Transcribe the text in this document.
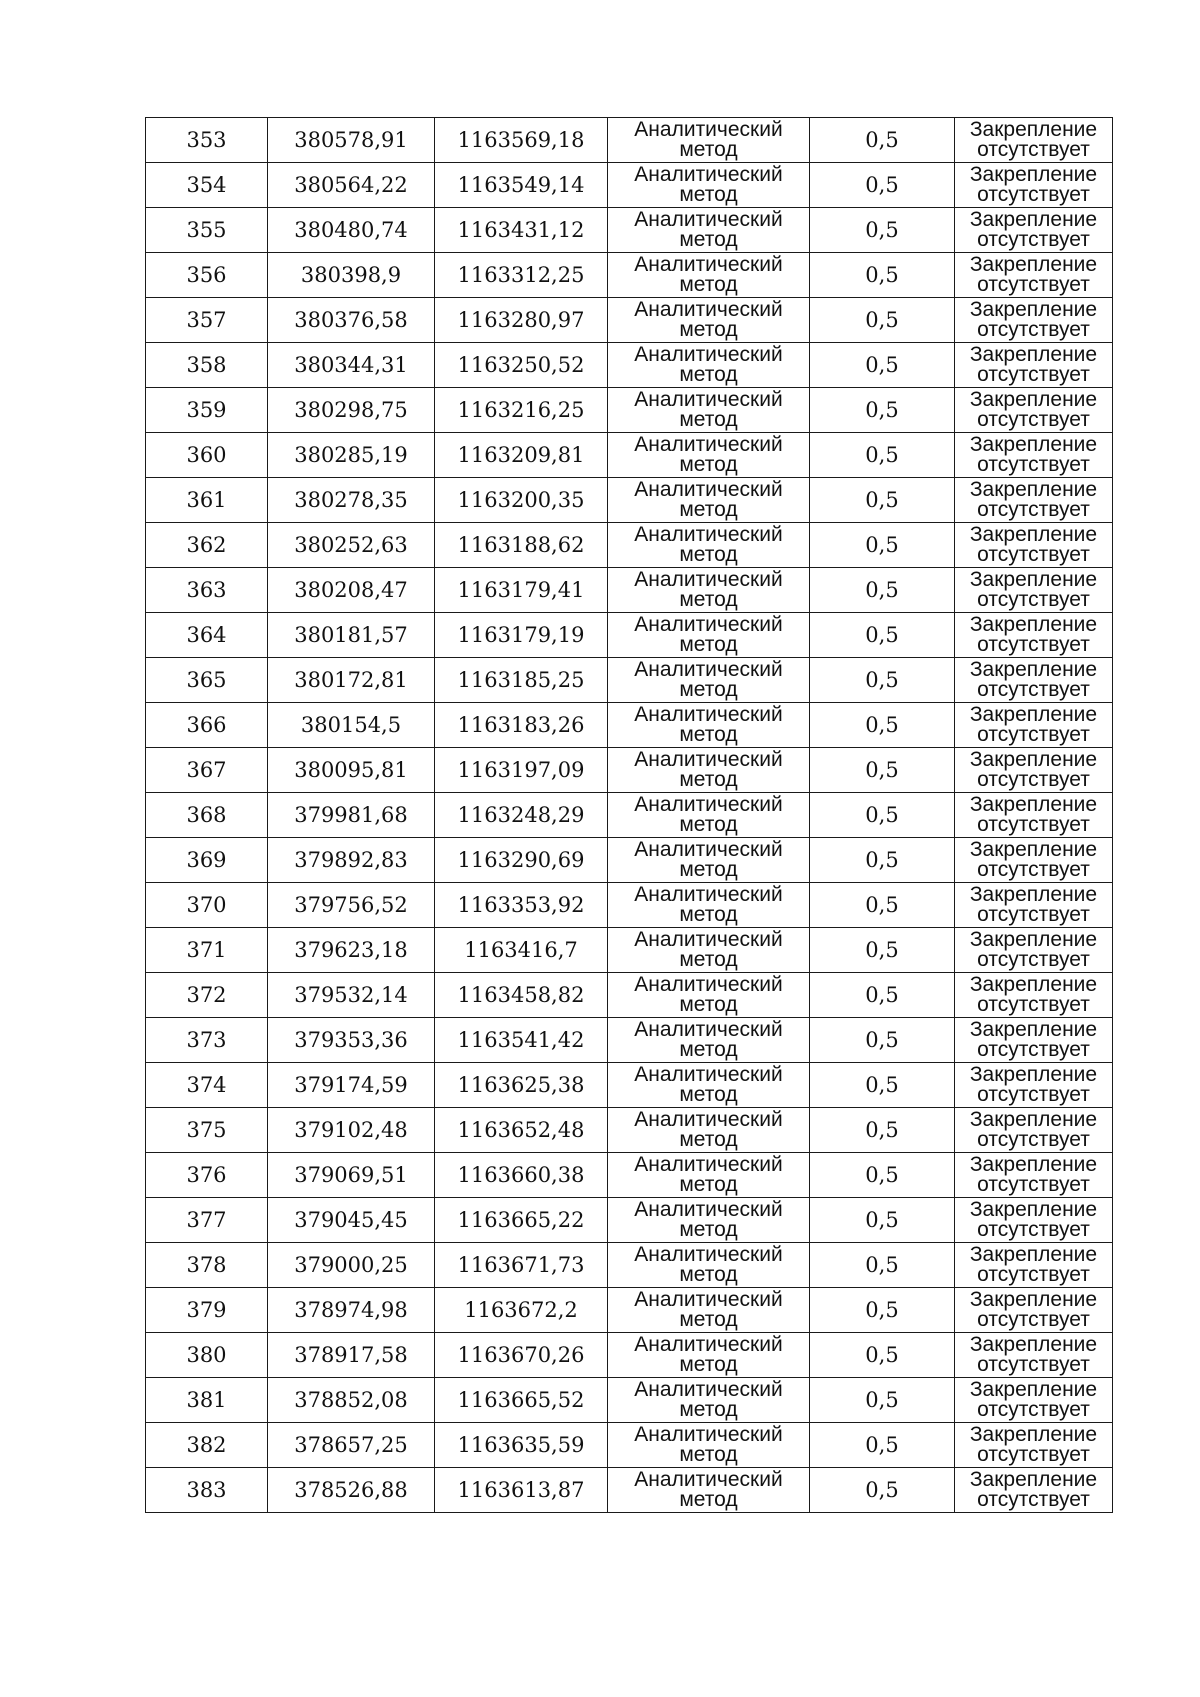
353	380578,91	1163569,18	Аналитический
метод	0,5	Закрепление
отсутствует

354	380564,22	1163549,14	Аналитический
метод	0,5	Закрепление
отсутствует

355	380480,74	1163431,12	Аналитический
метод	0,5	Закрепление
отсутствует

356	380398,9	1163312,25	Аналитический
метод	0,5	Закрепление
отсутствует

357	380376,58	1163280,97	Аналитический
метод	0,5	Закрепление
отсутствует

358	380344,31	1163250,52	Аналитический
метод	0,5	Закрепление
отсутствует

359	380298,75	1163216,25	Аналитический
метод	0,5	Закрепление
отсутствует

360	380285,19	1163209,81	Аналитический
метод	0,5	Закрепление
отсутствует

361	380278,35	1163200,35	Аналитический
метод	0,5	Закрепление
отсутствует

362	380252,63	1163188,62	Аналитический
метод	0,5	Закрепление
отсутствует

363	380208,47	1163179,41	Аналитический
метод	0,5	Закрепление
отсутствует

364	380181,57	1163179,19	Аналитический
метод	0,5	Закрепление
отсутствует

365	380172,81	1163185,25	Аналитический
метод	0,5	Закрепление
отсутствует

366	380154,5	1163183,26	Аналитический
метод	0,5	Закрепление
отсутствует

367	380095,81	1163197,09	Аналитический
метод	0,5	Закрепление
отсутствует

368	379981,68	1163248,29	Аналитический
метод	0,5	Закрепление
отсутствует

369	379892,83	1163290,69	Аналитический
метод	0,5	Закрепление
отсутствует

370	379756,52	1163353,92	Аналитический
метод	0,5	Закрепление
отсутствует

371	379623,18	1163416,7	Аналитический
метод	0,5	Закрепление
отсутствует

372	379532,14	1163458,82	Аналитический
метод	0,5	Закрепление
отсутствует

373	379353,36	1163541,42	Аналитический
метод	0,5	Закрепление
отсутствует

374	379174,59	1163625,38	Аналитический
метод	0,5	Закрепление
отсутствует

375	379102,48	1163652,48	Аналитический
метод	0,5	Закрепление
отсутствует

376	379069,51	1163660,38	Аналитический
метод	0,5	Закрепление
отсутствует

377	379045,45	1163665,22	Аналитический
метод	0,5	Закрепление
отсутствует

378	379000,25	1163671,73	Аналитический
метод	0,5	Закрепление
отсутствует

379	378974,98	1163672,2	Аналитический
метод	0,5	Закрепление
отсутствует

380	378917,58	1163670,26	Аналитический
метод	0,5	Закрепление
отсутствует

381	378852,08	1163665,52	Аналитический
метод	0,5	Закрепление
отсутствует

382	378657,25	1163635,59	Аналитический
метод	0,5	Закрепление
отсутствует

383	378526,88	1163613,87	Аналитический
метод	0,5	Закрепление
отсутствует
